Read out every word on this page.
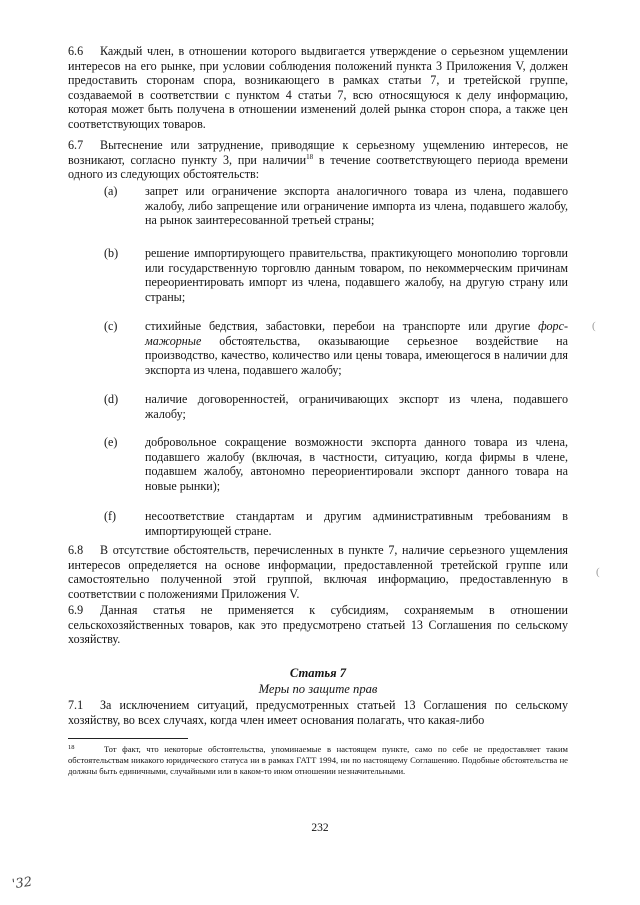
6.6 Каждый член, в отношении которого выдвигается утверждение о серьезном ущемлении интересов на его рынке, при условии соблюдения положений пункта 3 Приложения V, должен предоставить сторонам спора, возникающего в рамках статьи 7, и третейской группе, создаваемой в соответствии с пунктом 4 статьи 7, всю относящуюся к делу информацию, которая может быть получена в отношении изменений долей рынка сторон спора, а также цен соответствующих товаров.

6.7 Вытеснение или затруднение, приводящие к серьезному ущемлению интересов, не возникают, согласно пункту 3, при наличии$^{18}$ в течение соответствующего периода времени одного из следующих обстоятельств:

(a)	запрет или ограничение экспорта аналогичного товара из члена, подавшего жалобу, либо запрещение или ограничение импорта из члена, подавшего жалобу, на рынок заинтересованной третьей страны;
(b)	решение импортирующего правительства, практикующего монополию торговли или государственную торговлю данным товаром, по некоммерческим причинам переориентировать импорт из члена, подавшего жалобу, на другую страну или страны;
(c)	стихийные бедствия, забастовки, перебои на транспорте или другие форс-мажорные обстоятельства, оказывающие серьезное воздействие на производство, качество, количество или цены товара, имеющегося в наличии для экспорта из члена, подавшего жалобу;
(d)	наличие договоренностей, ограничивающих экспорт из члена, подавшего жалобу;
(e)	добровольное сокращение возможности экспорта данного товара из члена, подавшего жалобу (включая, в частности, ситуацию, когда фирмы в члене, подавшем жалобу, автономно переориентировали экспорт данного товара на новые рынки);
(f)	несоответствие стандартам и другим административным требованиям в импортирующей стране.

6.8 В отсутствие обстоятельств, перечисленных в пункте 7, наличие серьезного ущемления интересов определяется на основе информации, предоставленной третейской группе или самостоятельно полученной этой группой, включая информацию, предоставленную в соответствии с положениями Приложения V.

6.9 Данная статья не применяется к субсидиям, сохраняемым в отношении сельскохозяйственных товаров, как это предусмотрено статьей 13 Соглашения по сельскому хозяйству.

Статья 7
Меры по защите прав

7.1 За исключением ситуаций, предусмотренных статьей 13 Соглашения по сельскому хозяйству, во всех случаях, когда член имеет основания полагать, что какая-либо

18	Тот факт, что некоторые обстоятельства, упоминаемые в настоящем пункте, само по себе не предоставляет таким обстоятельствам никакого юридического статуса ни в рамках ГАТТ 1994, ни по настоящему Соглашению. Подобные обстоятельства не должны быть единичными, случайными или в каком-то ином отношении незначительными.
232
'32
(
(
